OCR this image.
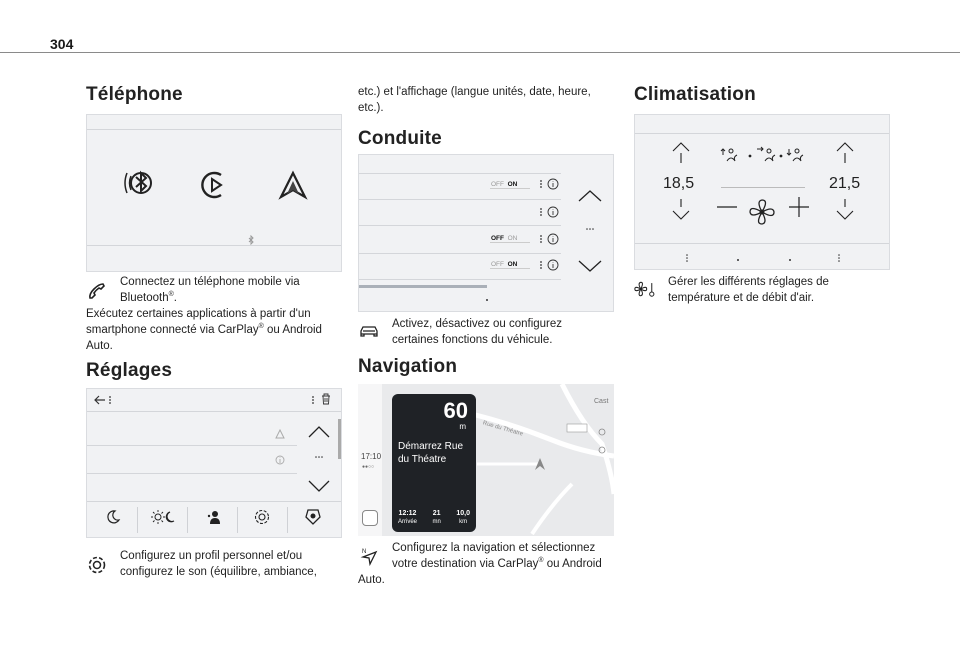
304
Téléphone
Connectez un téléphone mobile via
Bluetooth®.
Exécutez certaines applications à partir d'un
smartphone connecté via CarPlay® ou Android
Auto.
Réglages
Configurez un profil personnel et/ou
configurez le son (équilibre, ambiance,
etc.) et l'affichage (langue unités, date, heure,
etc.).
Conduite
OFF ON
OFF ON
OFF ON
Activez, désactivez ou configurez
certaines fonctions du véhicule.
Navigation
17:10
●●○○
Cast
Rue du Théatre
60
m
Démarrez Rue
du Théatre
12:12
Arrivée
21
mn
10,0
km
N	Configurez la navigation et sélectionnez
votre destination via CarPlay® ou Android
Auto.
Climatisation
18,5	21,5
Gérer les différents réglages de
température et de débit d'air.
